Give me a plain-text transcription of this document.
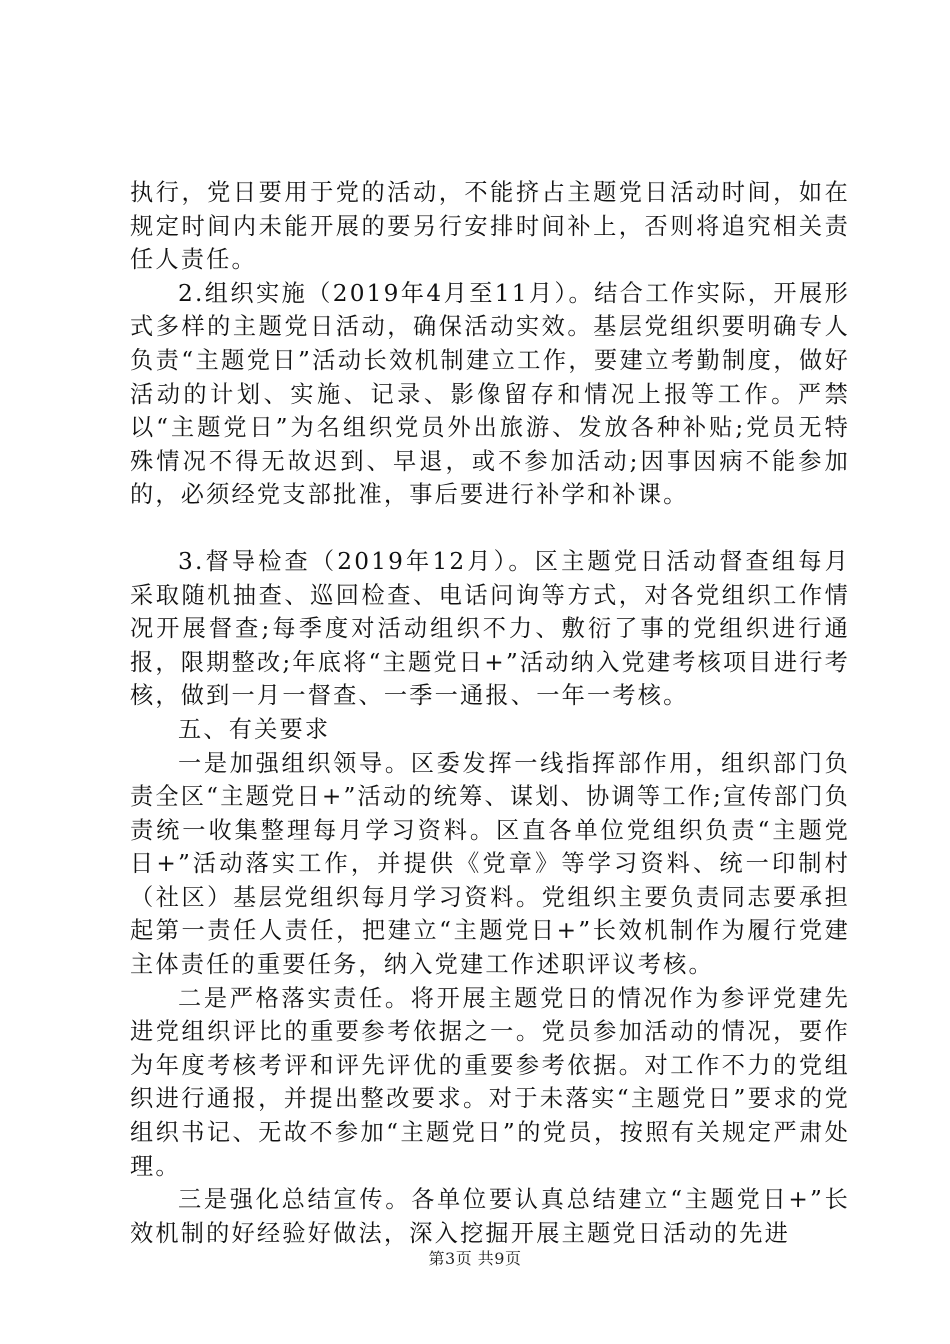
执行，党日要用于党的活动，不能挤占主题党日活动时间，如在规定时间内未能开展的要另行安排时间补上，否则将追究相关责任人责任。

2.组织实施（2019年4月至11月）。结合工作实际，开展形式多样的主题党日活动，确保活动实效。基层党组织要明确专人负责“主题党日”活动长效机制建立工作，要建立考勤制度，做好活动的计划、实施、记录、影像留存和情况上报等工作。严禁以“主题党日”为名组织党员外出旅游、发放各种补贴;党员无特殊情况不得无故迟到、早退，或不参加活动;因事因病不能参加的，必须经党支部批准，事后要进行补学和补课。

3.督导检查（2019年12月）。区主题党日活动督查组每月采取随机抽查、巡回检查、电话问询等方式，对各党组织工作情况开展督查;每季度对活动组织不力、敷衍了事的党组织进行通报，限期整改;年底将“主题党日+”活动纳入党建考核项目进行考核，做到一月一督查、一季一通报、一年一考核。

五、有关要求

一是加强组织领导。区委发挥一线指挥部作用，组织部门负责全区“主题党日+”活动的统筹、谋划、协调等工作;宣传部门负责统一收集整理每月学习资料。区直各单位党组织负责“主题党日+”活动落实工作，并提供《党章》等学习资料、统一印制村（社区）基层党组织每月学习资料。党组织主要负责同志要承担起第一责任人责任，把建立“主题党日+”长效机制作为履行党建主体责任的重要任务，纳入党建工作述职评议考核。

二是严格落实责任。将开展主题党日的情况作为参评党建先进党组织评比的重要参考依据之一。党员参加活动的情况，要作为年度考核考评和评先评优的重要参考依据。对工作不力的党组织进行通报，并提出整改要求。对于未落实“主题党日”要求的党组织书记、无故不参加“主题党日”的党员，按照有关规定严肃处理。

三是强化总结宣传。各单位要认真总结建立“主题党日+”长效机制的好经验好做法，深入挖掘开展主题党日活动的先进

第3页 共9页
